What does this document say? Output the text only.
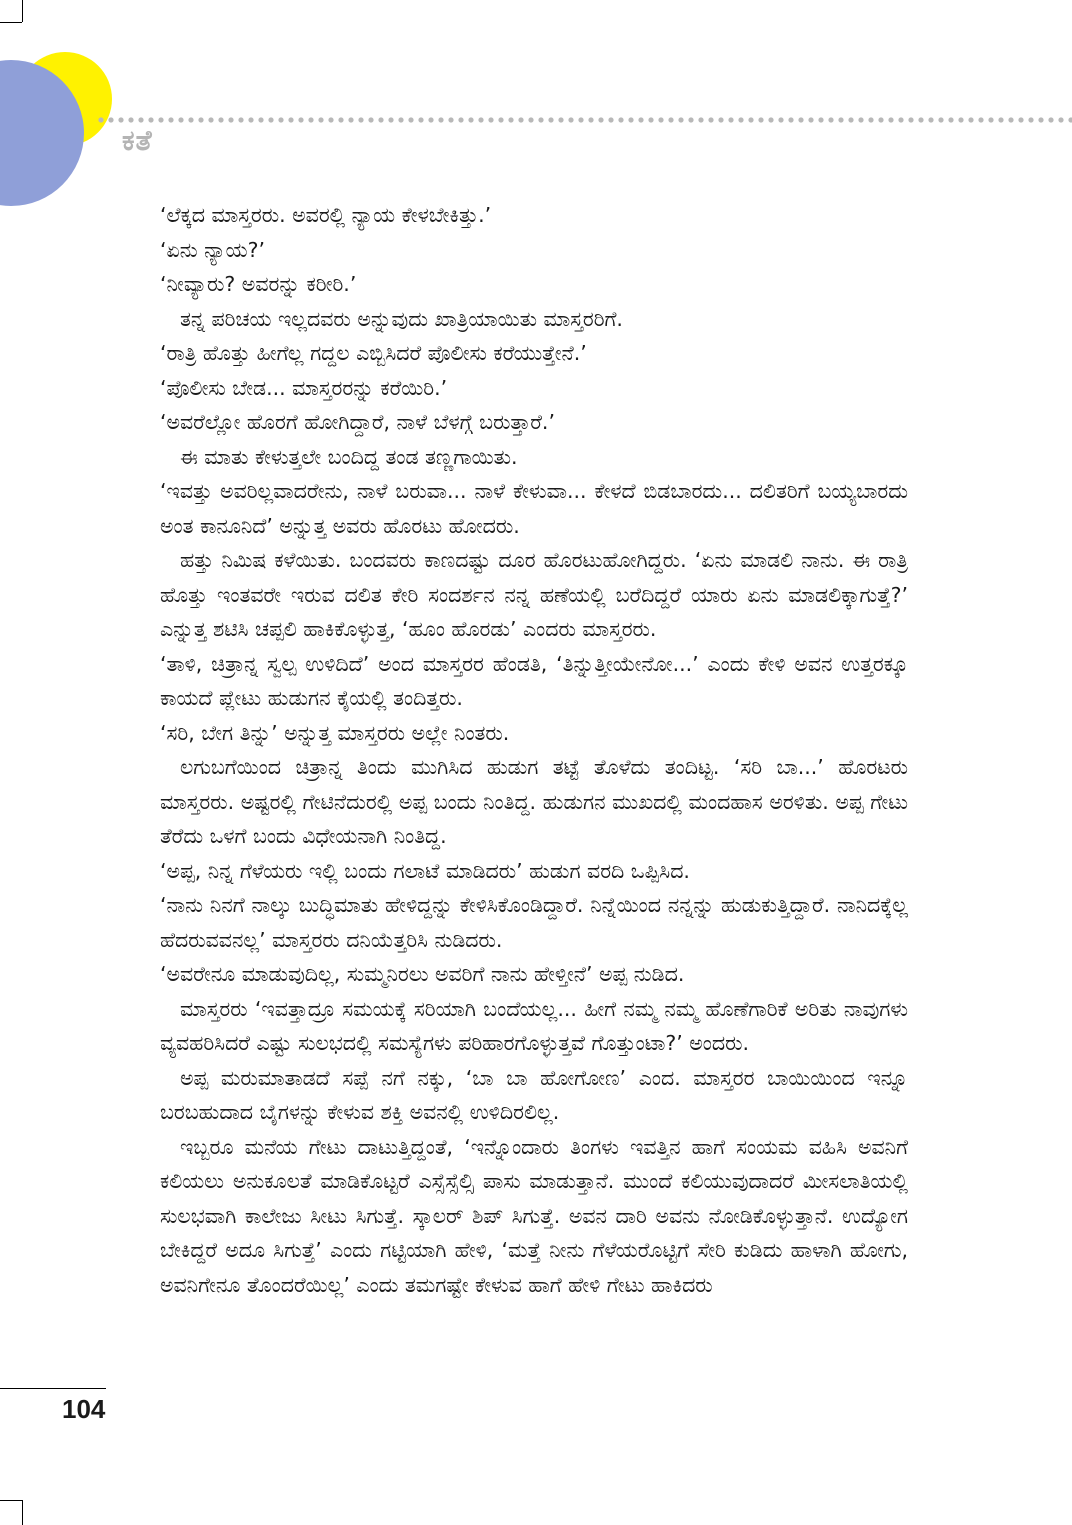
ಕತೆ

‘ಲೆಕ್ಕದ ಮಾಸ್ತರರು. ಅವರಲ್ಲಿ ನ್ಯಾಯ ಕೇಳಬೇಕಿತ್ತು.’

‘ಏನು ನ್ಯಾಯ?’

‘ನೀವ್ಯಾರು? ಅವರನ್ನು ಕರೀರಿ.’

ತನ್ನ ಪರಿಚಯ ಇಲ್ಲದವರು ಅನ್ನುವುದು ಖಾತ್ರಿಯಾಯಿತು ಮಾಸ್ತರರಿಗೆ.

‘ರಾತ್ರಿ ಹೊತ್ತು ಹೀಗೆಲ್ಲ ಗದ್ದಲ ಎಬ್ಬಿಸಿದರೆ ಪೊಲೀಸು ಕರೆಯುತ್ತೇನೆ.’

‘ಪೊಲೀಸು ಬೇಡ... ಮಾಸ್ತರರನ್ನು ಕರೆಯಿರಿ.’

‘ಅವರೆಲ್ಲೋ ಹೊರಗೆ ಹೋಗಿದ್ದಾರೆ, ನಾಳೆ ಬೆಳಗ್ಗೆ ಬರುತ್ತಾರೆ.’

ಈ ಮಾತು ಕೇಳುತ್ತಲೇ ಬಂದಿದ್ದ ತಂಡ ತಣ್ಣಗಾಯಿತು.

‘ಇವತ್ತು ಅವರಿಲ್ಲವಾದರೇನು, ನಾಳೆ ಬರುವಾ... ನಾಳೆ ಕೇಳುವಾ... ಕೇಳದೆ ಬಿಡಬಾರದು... ದಲಿತರಿಗೆ ಬಯ್ಯಬಾರದು ಅಂತ ಕಾನೂನಿದೆ’ ಅನ್ನುತ್ತ ಅವರು ಹೊರಟು ಹೋದರು.

ಹತ್ತು ನಿಮಿಷ ಕಳೆಯಿತು. ಬಂದವರು ಕಾಣದಷ್ಟು ದೂರ ಹೊರಟುಹೋಗಿದ್ದರು. ‘ಏನು ಮಾಡಲಿ ನಾನು. ಈ ರಾತ್ರಿ ಹೊತ್ತು ಇಂತವರೇ ಇರುವ ದಲಿತ ಕೇರಿ ಸಂದರ್ಶನ ನನ್ನ ಹಣೆಯಲ್ಲಿ ಬರೆದಿದ್ದರೆ ಯಾರು ಏನು ಮಾಡಲಿಕ್ಕಾಗುತ್ತೆ?’ ಎನ್ನುತ್ತ ಶಟಿಸಿ ಚಪ್ಪಲಿ ಹಾಕಿಕೊಳ್ಳುತ್ತ, ‘ಹೂಂ ಹೊರಡು’ ಎಂದರು ಮಾಸ್ತರರು.

‘ತಾಳಿ, ಚಿತ್ರಾನ್ನ ಸ್ವಲ್ಪ ಉಳಿದಿದೆ’ ಅಂದ ಮಾಸ್ತರರ ಹೆಂಡತಿ, ‘ತಿನ್ನುತ್ತೀಯೇನೋ...’ ಎಂದು ಕೇಳಿ ಅವನ ಉತ್ತರಕ್ಕೂ ಕಾಯದೆ ಪ್ಲೇಟು ಹುಡುಗನ ಕೈಯಲ್ಲಿ ತಂದಿತ್ತರು.

‘ಸರಿ, ಬೇಗ ತಿನ್ನು’ ಅನ್ನುತ್ತ ಮಾಸ್ತರರು ಅಲ್ಲೇ ನಿಂತರು.

ಲಗುಬಗೆಯಿಂದ ಚಿತ್ರಾನ್ನ ತಿಂದು ಮುಗಿಸಿದ ಹುಡುಗ ತಟ್ಟೆ ತೊಳೆದು ತಂದಿಟ್ಟ. ‘ಸರಿ ಬಾ...’ ಹೊರಟರು ಮಾಸ್ತರರು. ಅಷ್ಟರಲ್ಲಿ ಗೇಟಿನೆದುರಲ್ಲಿ ಅಪ್ಪ ಬಂದು ನಿಂತಿದ್ದ. ಹುಡುಗನ ಮುಖದಲ್ಲಿ ಮಂದಹಾಸ ಅರಳಿತು. ಅಪ್ಪ ಗೇಟು ತೆರೆದು ಒಳಗೆ ಬಂದು ವಿಧೇಯನಾಗಿ ನಿಂತಿದ್ದ.

‘ಅಪ್ಪ, ನಿನ್ನ ಗೆಳೆಯರು ಇಲ್ಲಿ ಬಂದು ಗಲಾಟೆ ಮಾಡಿದರು’ ಹುಡುಗ ವರದಿ ಒಪ್ಪಿಸಿದ.

‘ನಾನು ನಿನಗೆ ನಾಲ್ಕು ಬುದ್ಧಿಮಾತು ಹೇಳಿದ್ದನ್ನು ಕೇಳಿಸಿಕೊಂಡಿದ್ದಾರೆ. ನಿನ್ನೆಯಿಂದ ನನ್ನನ್ನು ಹುಡುಕುತ್ತಿದ್ದಾರೆ. ನಾನಿದಕ್ಕೆಲ್ಲ ಹೆದರುವವನಲ್ಲ’ ಮಾಸ್ತರರು ದನಿಯೆತ್ತರಿಸಿ ನುಡಿದರು.

‘ಅವರೇನೂ ಮಾಡುವುದಿಲ್ಲ, ಸುಮ್ಮನಿರಲು ಅವರಿಗೆ ನಾನು ಹೇಳ್ತೀನೆ’ ಅಪ್ಪ ನುಡಿದ.

ಮಾಸ್ತರರು ‘ಇವತ್ತಾದ್ರೂ ಸಮಯಕ್ಕೆ ಸರಿಯಾಗಿ ಬಂದೆಯಲ್ಲ... ಹೀಗೆ ನಮ್ಮ ನಮ್ಮ ಹೊಣೆಗಾರಿಕೆ ಅರಿತು ನಾವುಗಳು ವ್ಯವಹರಿಸಿದರೆ ಎಷ್ಟು ಸುಲಭದಲ್ಲಿ ಸಮಸ್ಯೆಗಳು ಪರಿಹಾರಗೊಳ್ಳುತ್ತವೆ ಗೊತ್ತುಂಟಾ?’ ಅಂದರು.

ಅಪ್ಪ ಮರುಮಾತಾಡದೆ ಸಪ್ಪೆ ನಗೆ ನಕ್ಕು, ‘ಬಾ ಬಾ ಹೋಗೋಣ’ ಎಂದ. ಮಾಸ್ತರರ ಬಾಯಿಯಿಂದ ಇನ್ನೂ ಬರಬಹುದಾದ ಬೈಗಳನ್ನು ಕೇಳುವ ಶಕ್ತಿ ಅವನಲ್ಲಿ ಉಳಿದಿರಲಿಲ್ಲ.

ಇಬ್ಬರೂ ಮನೆಯ ಗೇಟು ದಾಟುತ್ತಿದ್ದಂತೆ, ‘ಇನ್ನೊಂದಾರು ತಿಂಗಳು ಇವತ್ತಿನ ಹಾಗೆ ಸಂಯಮ ವಹಿಸಿ ಅವನಿಗೆ ಕಲಿಯಲು ಅನುಕೂಲತೆ ಮಾಡಿಕೊಟ್ಟರೆ ಎಸ್ಸೆಸ್ಸೆಲ್ಸಿ ಪಾಸು ಮಾಡುತ್ತಾನೆ. ಮುಂದೆ ಕಲಿಯುವುದಾದರೆ ಮೀಸಲಾತಿಯಲ್ಲಿ ಸುಲಭವಾಗಿ ಕಾಲೇಜು ಸೀಟು ಸಿಗುತ್ತೆ. ಸ್ಕಾಲರ್ ಶಿಪ್ ಸಿಗುತ್ತೆ. ಅವನ ದಾರಿ ಅವನು ನೋಡಿಕೊಳ್ಳುತ್ತಾನೆ. ಉದ್ಯೋಗ ಬೇಕಿದ್ದರೆ ಅದೂ ಸಿಗುತ್ತೆ’ ಎಂದು ಗಟ್ಟಿಯಾಗಿ ಹೇಳಿ, ‘ಮತ್ತೆ ನೀನು ಗೆಳೆಯರೊಟ್ಟಿಗೆ ಸೇರಿ ಕುಡಿದು ಹಾಳಾಗಿ ಹೋಗು, ಅವನಿಗೇನೂ ತೊಂದರೆಯಿಲ್ಲ’ ಎಂದು ತಮಗಷ್ಟೇ ಕೇಳುವ ಹಾಗೆ ಹೇಳಿ ಗೇಟು ಹಾಕಿದರು

104
